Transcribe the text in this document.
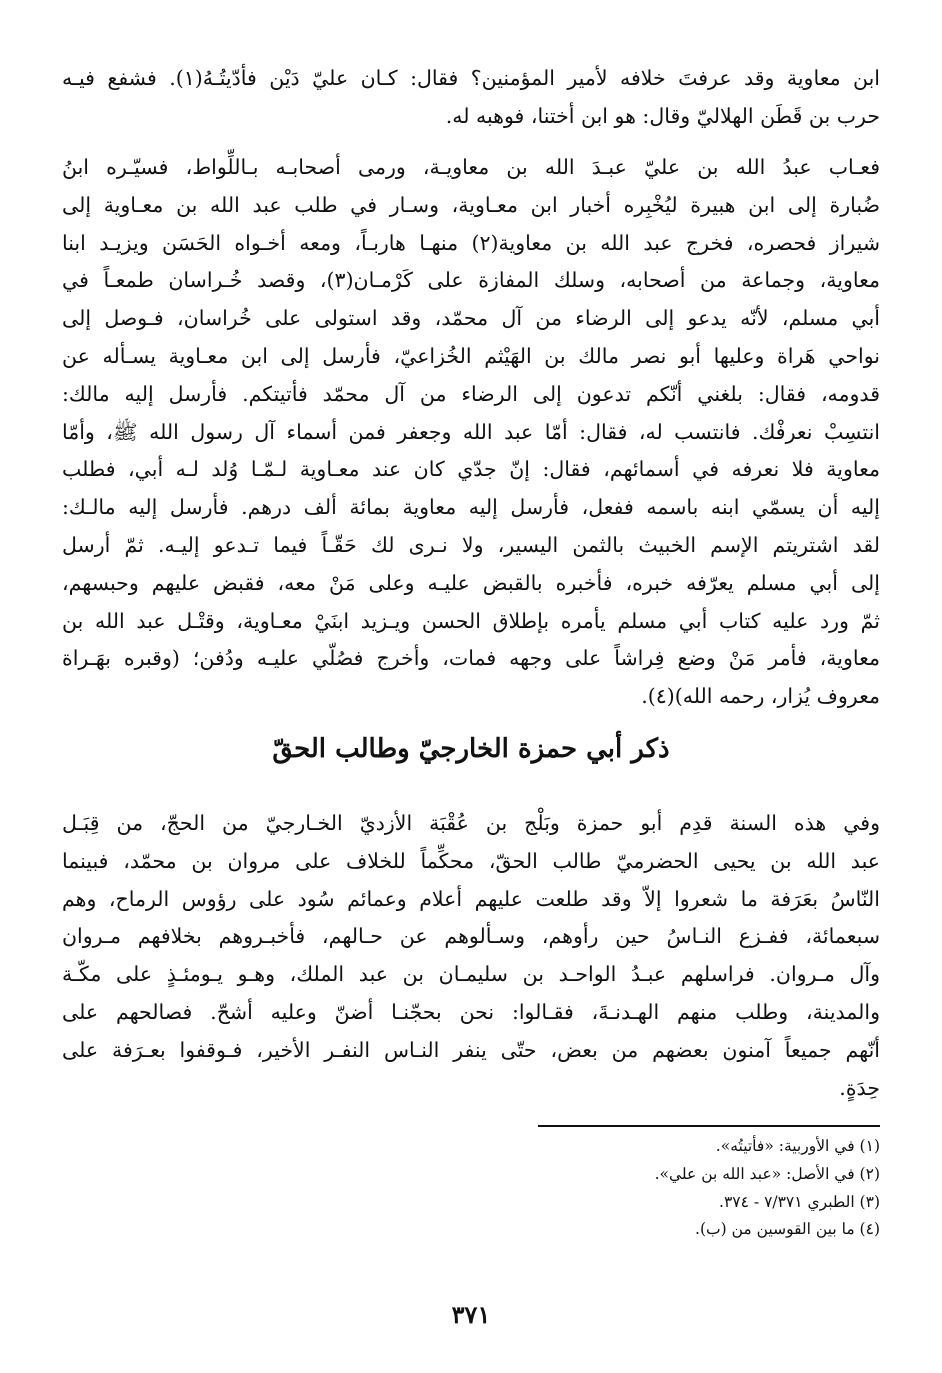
ابن معاوية وقد عرفتَ خلافه لأمير المؤمنين؟ فقال: كـان عليّ دَيْن فأدّيتُـهُ(١). فشفع فيـه
حرب بن قَطَن الهلاليّ وقال: هو ابن أختنا، فوهبه له.
فعـاب عبدُ الله بن عليّ عبـدَ الله بن معاويـة، ورمى أصحابـه بـاللِّواط، فسيّـره ابنُ
ضُبارة إلى ابن هبيرة ليُخْبِره أخبار ابن معـاوية، وسـار في طلب عبد الله بن معـاوية إلى
شيراز فحصره، فخرج عبد الله بن معاوية(٢) منهـا هاربـاً، ومعه أخـواه الحَسَن ويزيـد ابنا
معاوية، وجماعة من أصحابه، وسلك المفازة على كَرْمـان(٣)، وقصد خُـراسان طمعـاً في
أبي مسلم، لأنّه يدعو إلى الرضاء من آل محمّد، وقد استولى على خُراسان، فـوصل إلى
نواحي هَراة وعليها أبو نصر مالك بن الهَيْثم الخُزاعيّ، فأرسل إلى ابن معـاوية يسـأله عن
قدومه، فقال: بلغني أنّكم تدعون إلى الرضاء من آل محمّد فأتيتكم. فأرسل إليه مالك:
انتسِبْ نعرفْك. فانتسب له، فقال: أمّا عبد الله وجعفر فمن أسماء آل رسول الله ﷺ، وأمّا
معاوية فلا نعرفه في أسمائهم، فقال: إنّ جدّي كان عند معـاوية لـمّـا وُلد لـه أبي، فطلب
إليه أن يسمّي ابنه باسمه ففعل، فأرسل إليه معاوية بمائة ألف درهم. فأرسل إليه مالـك:
لقد اشتريتم الإسم الخبيث بالثمن اليسير، ولا نـرى لك حَقّـاً فيما تـدعو إليـه. ثمّ أرسل
إلى أبي مسلم يعرّفه خبره، فأخبره بالقبض عليـه وعلى مَنْ معه، فقبض عليهم وحبسهم،
ثمّ ورد عليه كتاب أبي مسلم يأمره بإطلاق الحسن ويـزيد ابنَيْ معـاوية، وقتْـل عبد الله بن
معاوية، فأمر مَنْ وضع فِراشاً على وجهه فمات، وأخرج فصُلّي عليـه ودُفن؛ (وقبره بهَـراة
معروف يُزار، رحمه الله)(٤).
ذكر أبي حمزة الخارجيّ وطالب الحقّ
وفي هذه السنة قدِم أبو حمزة وبَلْج بن عُقْبَة الأزديّ الخـارجيّ من الحجّ، من قِبَـل
عبد الله بن يحيى الحضرميّ طالب الحقّ، محكِّماً للخلاف على مروان بن محمّد، فبينما
النّاسُ بعَرَفة ما شعروا إلاّ وقد طلعت عليهم أعلام وعمائم سُود على رؤوس الرماح، وهم
سبعمائة، ففـزع النـاسُ حين رأوهم، وسـألوهم عن حـالهم، فأخبـروهم بخلافهم مـروان
وآل مـروان. فراسلهم عبـدُ الواحـد بن سليمـان بن عبد الملك، وهـو يـومئـذٍ على مكّـة
والمدينة، وطلب منهم الهـدنـةَ، فقـالوا: نحن بحجّنـا أضنّ وعليه أشحّ. فصالحهم على
أنّهم جميعاً آمنون بعضهم من بعض، حتّى ينفر النـاس النفـر الأخير، فـوقفوا بعـرَفة على
حِدَةٍ.
(١) في الأوربية: «فأتيتُه».
(٢) في الأصل: «عبد الله بن علي».
(٣) الطبري ٧/٣٧١ - ٣٧٤.
(٤) ما بين القوسين من (ب).
٣٧١
